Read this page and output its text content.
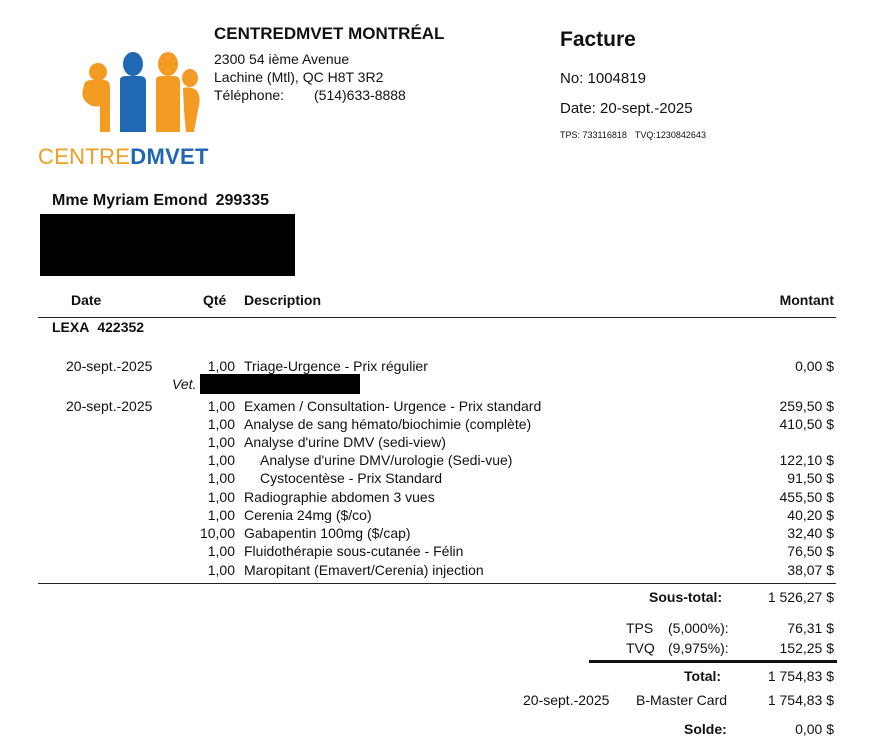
CENTREDMVET
CENTREDMVET MONTRÉAL
2300 54 ième Avenue
Lachine (Mtl), QC H8T 3R2
Téléphone: (514)633-8888
Facture
No: 1004819
Date: 20-sept.-2025
TPS: 733116818 TVQ:1230842643
Mme Myriam Emond 299335
Date	Qté Description	Montant
LEXA 422352
20-sept.-2025	1,00 Triage-Urgence - Prix régulier	0,00 $
Vet.
20-sept.-2025	1,00 Examen / Consultation- Urgence - Prix standard	259,50 $
1,00 Analyse de sang hémato/biochimie (complète)	410,50 $
1,00 Analyse d'urine DMV (sedi-view)
1,00 Analyse d'urine DMV/urologie (Sedi-vue)	122,10 $
1,00 Cystocentèse - Prix Standard	91,50 $
1,00 Radiographie abdomen 3 vues	455,50 $
1,00 Cerenia 24mg ($/co)	40,20 $
10,00 Gabapentin 100mg ($/cap)	32,40 $
1,00 Fluidothérapie sous-cutanée - Félin	76,50 $
1,00 Maropitant (Emavert/Cerenia) injection	38,07 $
Sous-total:	1 526,27 $
TPS (5,000%):	76,31 $
TVQ (9,975%):	152,25 $
Total:	1 754,83 $
20-sept.-2025 B-Master Card	1 754,83 $
Solde:	0,00 $
